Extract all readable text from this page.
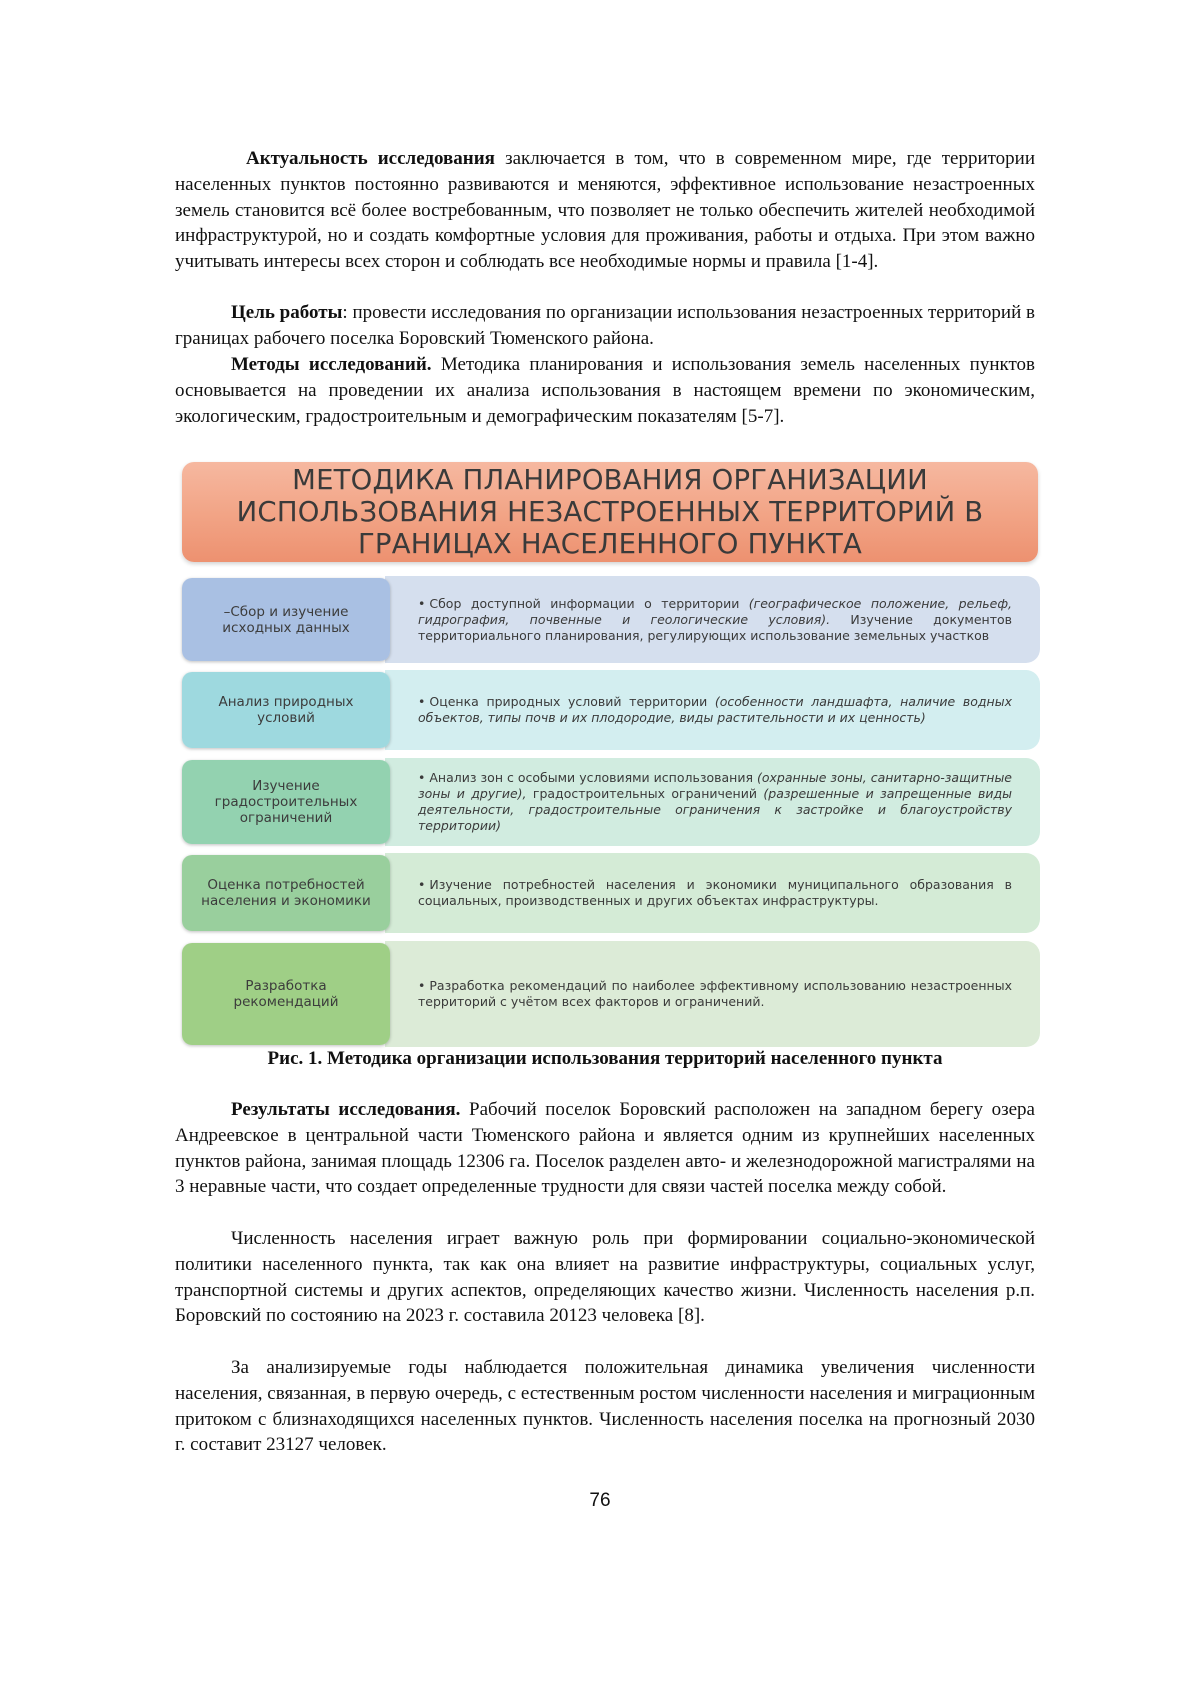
Актуальность исследования заключается в том, что в современном мире, где территории населенных пунктов постоянно развиваются и меняются, эффективное использование незастроенных земель становится всё более востребованным, что позволяет не только обеспечить жителей необходимой инфраструктурой, но и создать комфортные условия для проживания, работы и отдыха. При этом важно учитывать интересы всех сторон и соблюдать все необходимые нормы и правила [1-4].

Цель работы: провести исследования по организации использования незастроенных территорий в границах рабочего поселка Боровский Тюменского района.

Методы исследований. Методика планирования и использования земель населенных пунктов основывается на проведении их анализа использования в настоящем времени по экономическим, экологическим, градостроительным и демографическим показателям [5-7].

МЕТОДИКА ПЛАНИРОВАНИЯ ОРГАНИЗАЦИИ
ИСПОЛЬЗОВАНИЯ НЕЗАСТРОЕННЫХ ТЕРРИТОРИЙ В
ГРАНИЦАХ НАСЕЛЕННОГО ПУНКТА
–Сбор и изучение
исходных данных
• Сбор доступной информации о территории (географическое положение, рельеф, гидрография, почвенные и геологические условия). Изучение документов территориального планирования, регулирующих использование земельных участков
Анализ природных
условий
• Оценка природных условий территории (особенности ландшафта, наличие водных объектов, типы почв и их плодородие, виды растительности и их ценность)
Изучение
градостроительных
ограничений
• Анализ зон с особыми условиями использования (охранные зоны, санитарно-защитные зоны и другие), градостроительных ограничений (разрешенные и запрещенные виды деятельности, градостроительные ограничения к застройке и благоустройству территории)
Оценка потребностей
населения и экономики
• Изучение потребностей населения и экономики муниципального образования в социальных, производственных и других объектах инфраструктуры.
Разработка
рекомендаций
• Разработка рекомендаций по наиболее эффективному использованию незастроенных территорий с учётом всех факторов и ограничений.
Рис. 1. Методика организации использования территорий населенного пункта

Результаты исследования. Рабочий поселок Боровский расположен на западном берегу озера Андреевское в центральной части Тюменского района и является одним из крупнейших населенных пунктов района, занимая площадь 12306 га. Поселок разделен авто- и железнодорожной магистралями на 3 неравные части, что создает определенные трудности для связи частей поселка между собой.

Численность населения играет важную роль при формировании социально-экономической политики населенного пункта, так как она влияет на развитие инфраструктуры, социальных услуг, транспортной системы и других аспектов, определяющих качество жизни. Численность населения р.п. Боровский по состоянию на 2023 г. составила 20123 человека [8].

За анализируемые годы наблюдается положительная динамика увеличения численности населения, связанная, в первую очередь, с естественным ростом численности населения и миграционным притоком с близнаходящихся населенных пунктов. Численность населения поселка на прогнозный 2030 г. составит 23127 человек.

76
